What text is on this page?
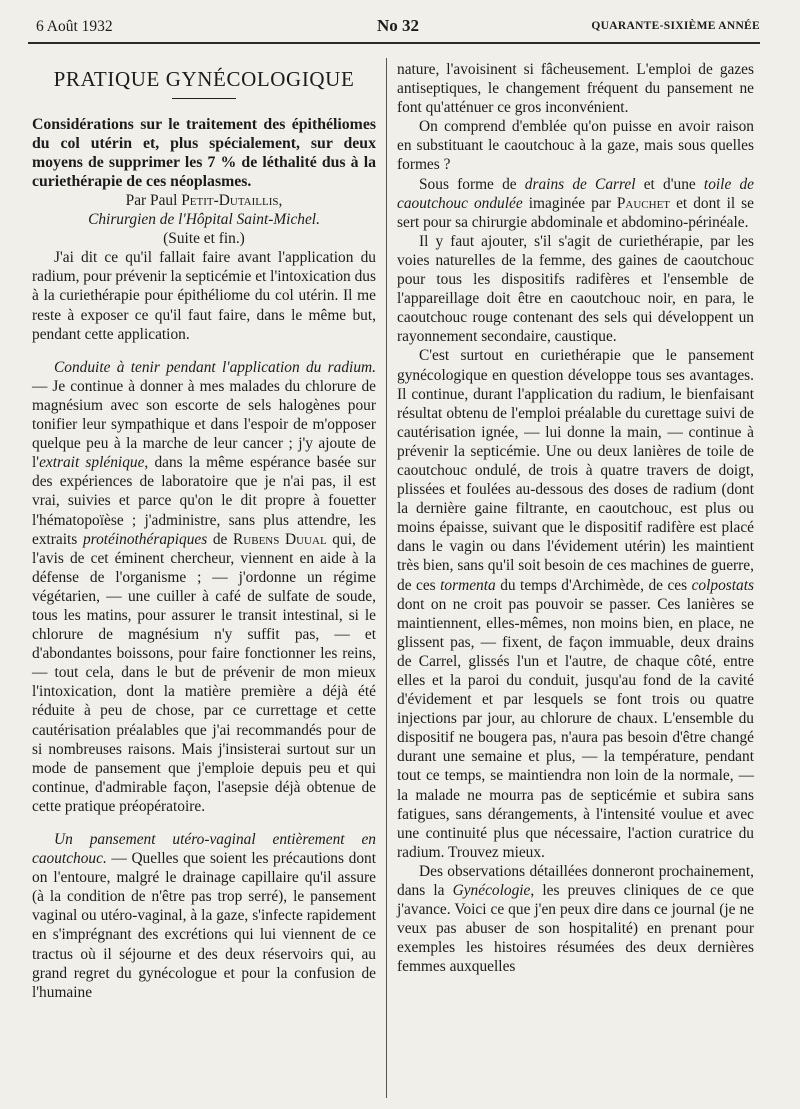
6 Août 1932	No 32	QUARANTE-SIXIÈME ANNÉE
PRATIQUE GYNÉCOLOGIQUE

Considérations sur le traitement des épithéliomes du col utérin et, plus spécialement, sur deux moyens de supprimer les 7 % de léthalité dus à la curiethérapie de ces néoplasmes.

Par Paul Petit-Dutaillis,

Chirurgien de l'Hôpital Saint-Michel.

(Suite et fin.)

J'ai dit ce qu'il fallait faire avant l'application du radium, pour prévenir la septicémie et l'intoxication dus à la curiethérapie pour épithéliome du col utérin. Il me reste à exposer ce qu'il faut faire, dans le même but, pendant cette application.

Conduite à tenir pendant l'application du radium. — Je continue à donner à mes malades du chlorure de magnésium avec son escorte de sels halogènes pour tonifier leur sympathique et dans l'espoir de m'opposer quelque peu à la marche de leur cancer ; j'y ajoute de l'extrait splénique, dans la même espérance basée sur des expériences de laboratoire que je n'ai pas, il est vrai, suivies et parce qu'on le dit propre à fouetter l'hématopoïèse ; j'administre, sans plus attendre, les extraits protéinothérapiques de Rubens Duual qui, de l'avis de cet éminent chercheur, viennent en aide à la défense de l'organisme ; — j'ordonne un régime végétarien, — une cuiller à café de sulfate de soude, tous les matins, pour assurer le transit intestinal, si le chlorure de magnésium n'y suffit pas, — et d'abondantes boissons, pour faire fonctionner les reins, — tout cela, dans le but de prévenir de mon mieux l'intoxication, dont la matière première a déjà été réduite à peu de chose, par ce currettage et cette cautérisation préalables que j'ai recommandés pour de si nombreuses raisons. Mais j'insisterai surtout sur un mode de pansement que j'emploie depuis peu et qui continue, d'admirable façon, l'asepsie déjà obtenue de cette pratique préopératoire.

Un pansement utéro-vaginal entièrement en caoutchouc. — Quelles que soient les précautions dont on l'entoure, malgré le drainage capillaire qu'il assure (à la condition de n'être pas trop serré), le pansement vaginal ou utéro-vaginal, à la gaze, s'infecte rapidement en s'imprégnant des excrétions qui lui viennent de ce tractus où il séjourne et des deux réservoirs qui, au grand regret du gynécologue et pour la confusion de l'humaine

nature, l'avoisinent si fâcheusement. L'emploi de gazes antiseptiques, le changement fréquent du pansement ne font qu'atténuer ce gros inconvénient.

On comprend d'emblée qu'on puisse en avoir raison en substituant le caoutchouc à la gaze, mais sous quelles formes ?

Sous forme de drains de Carrel et d'une toile de caoutchouc ondulée imaginée par Pauchet et dont il se sert pour sa chirurgie abdominale et abdomino-périnéale.

Il y faut ajouter, s'il s'agit de curiethérapie, par les voies naturelles de la femme, des gaines de caoutchouc pour tous les dispositifs radifères et l'ensemble de l'appareillage doit être en caoutchouc noir, en para, le caoutchouc rouge contenant des sels qui développent un rayonnement secondaire, caustique.

C'est surtout en curiethérapie que le pansement gynécologique en question développe tous ses avantages. Il continue, durant l'application du radium, le bienfaisant résultat obtenu de l'emploi préalable du curettage suivi de cautérisation ignée, — lui donne la main, — continue à prévenir la septicémie. Une ou deux lanières de toile de caoutchouc ondulé, de trois à quatre travers de doigt, plissées et foulées au-dessous des doses de radium (dont la dernière gaine filtrante, en caoutchouc, est plus ou moins épaisse, suivant que le dispositif radifère est placé dans le vagin ou dans l'évidement utérin) les maintient très bien, sans qu'il soit besoin de ces machines de guerre, de ces tormenta du temps d'Archimède, de ces colpostats dont on ne croit pas pouvoir se passer. Ces lanières se maintiennent, elles-mêmes, non moins bien, en place, ne glissent pas, — fixent, de façon immuable, deux drains de Carrel, glissés l'un et l'autre, de chaque côté, entre elles et la paroi du conduit, jusqu'au fond de la cavité d'évidement et par lesquels se font trois ou quatre injections par jour, au chlorure de chaux. L'ensemble du dispositif ne bougera pas, n'aura pas besoin d'être changé durant une semaine et plus, — la température, pendant tout ce temps, se maintiendra non loin de la normale, — la malade ne mourra pas de septicémie et subira sans fatigues, sans dérangements, à l'intensité voulue et avec une continuité plus que nécessaire, l'action curatrice du radium. Trouvez mieux.

Des observations détaillées donneront prochainement, dans la Gynécologie, les preuves cliniques de ce que j'avance. Voici ce que j'en peux dire dans ce journal (je ne veux pas abuser de son hospitalité) en prenant pour exemples les histoires résumées des deux dernières femmes auxquelles
